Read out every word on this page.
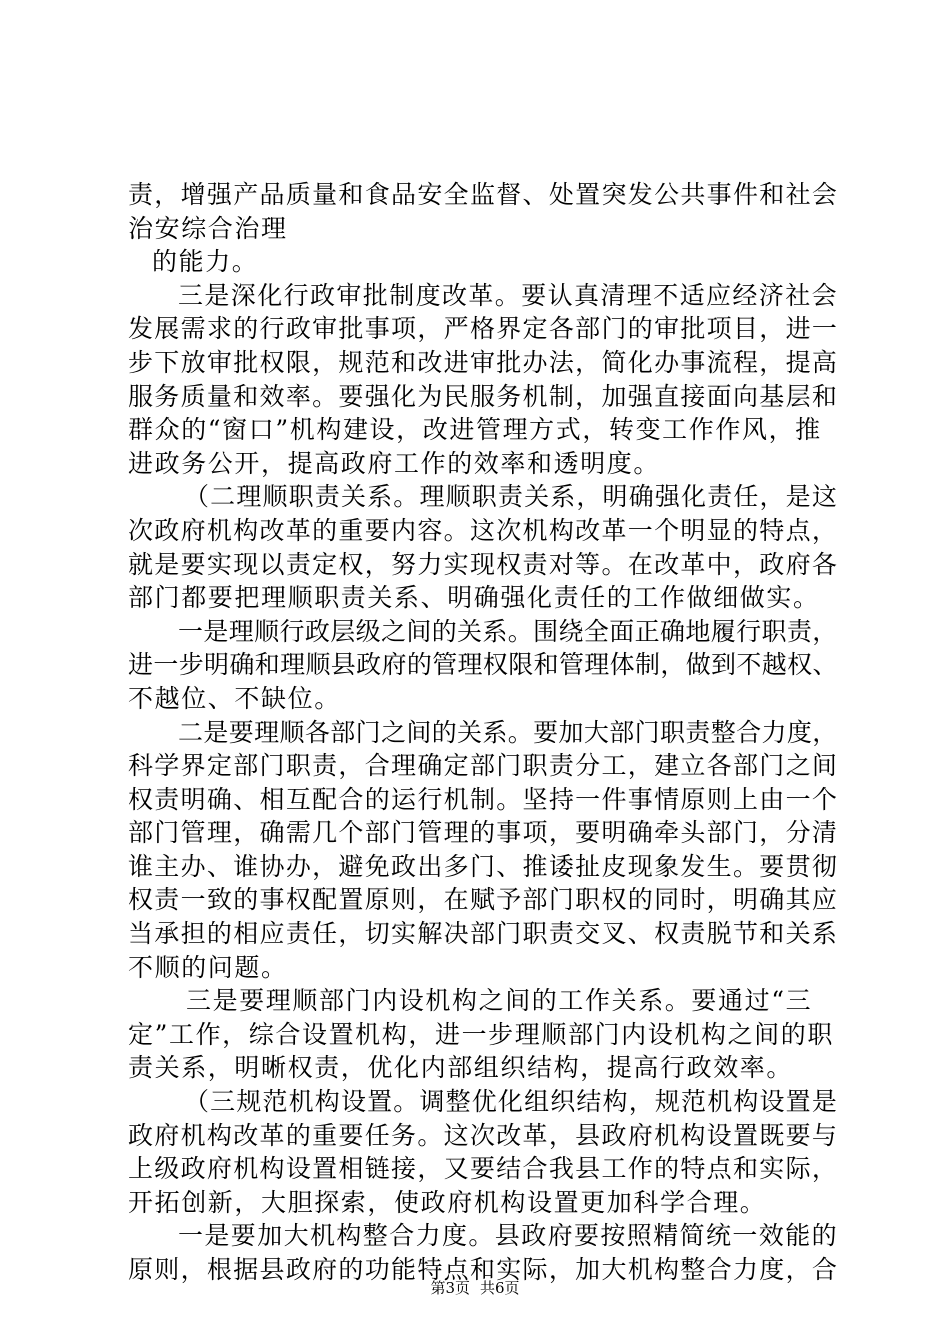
责，增强产品质量和食品安全监督、处置突发公共事件和社会
治安综合治理
的能力。
三是深化行政审批制度改革。要认真清理不适应经济社会
发展需求的行政审批事项，严格界定各部门的审批项目，进一
步下放审批权限，规范和改进审批办法，简化办事流程，提高
服务质量和效率。要强化为民服务机制，加强直接面向基层和
群众的“窗口”机构建设，改进管理方式，转变工作作风，推
进政务公开，提高政府工作的效率和透明度。
（二理顺职责关系。理顺职责关系，明确强化责任，是这
次政府机构改革的重要内容。这次机构改革一个明显的特点，
就是要实现以责定权，努力实现权责对等。在改革中，政府各
部门都要把理顺职责关系、明确强化责任的工作做细做实。
一是理顺行政层级之间的关系。围绕全面正确地履行职责，
进一步明确和理顺县政府的管理权限和管理体制，做到不越权、
不越位、不缺位。
二是要理顺各部门之间的关系。要加大部门职责整合力度，
科学界定部门职责，合理确定部门职责分工，建立各部门之间
权责明确、相互配合的运行机制。坚持一件事情原则上由一个
部门管理，确需几个部门管理的事项，要明确牵头部门，分清
谁主办、谁协办，避免政出多门、推诿扯皮现象发生。要贯彻
权责一致的事权配置原则，在赋予部门职权的同时，明确其应
当承担的相应责任，切实解决部门职责交叉、权责脱节和关系
不顺的问题。
三是要理顺部门内设机构之间的工作关系。要通过“三
定”工作，综合设置机构，进一步理顺部门内设机构之间的职
责关系，明晰权责，优化内部组织结构，提高行政效率。
（三规范机构设置。调整优化组织结构，规范机构设置是
政府机构改革的重要任务。这次改革，县政府机构设置既要与
上级政府机构设置相链接，又要结合我县工作的特点和实际，
开拓创新，大胆探索，使政府机构设置更加科学合理。
一是要加大机构整合力度。县政府要按照精简统一效能的
原则，根据县政府的功能特点和实际，加大机构整合力度，合
第3页 共6页
